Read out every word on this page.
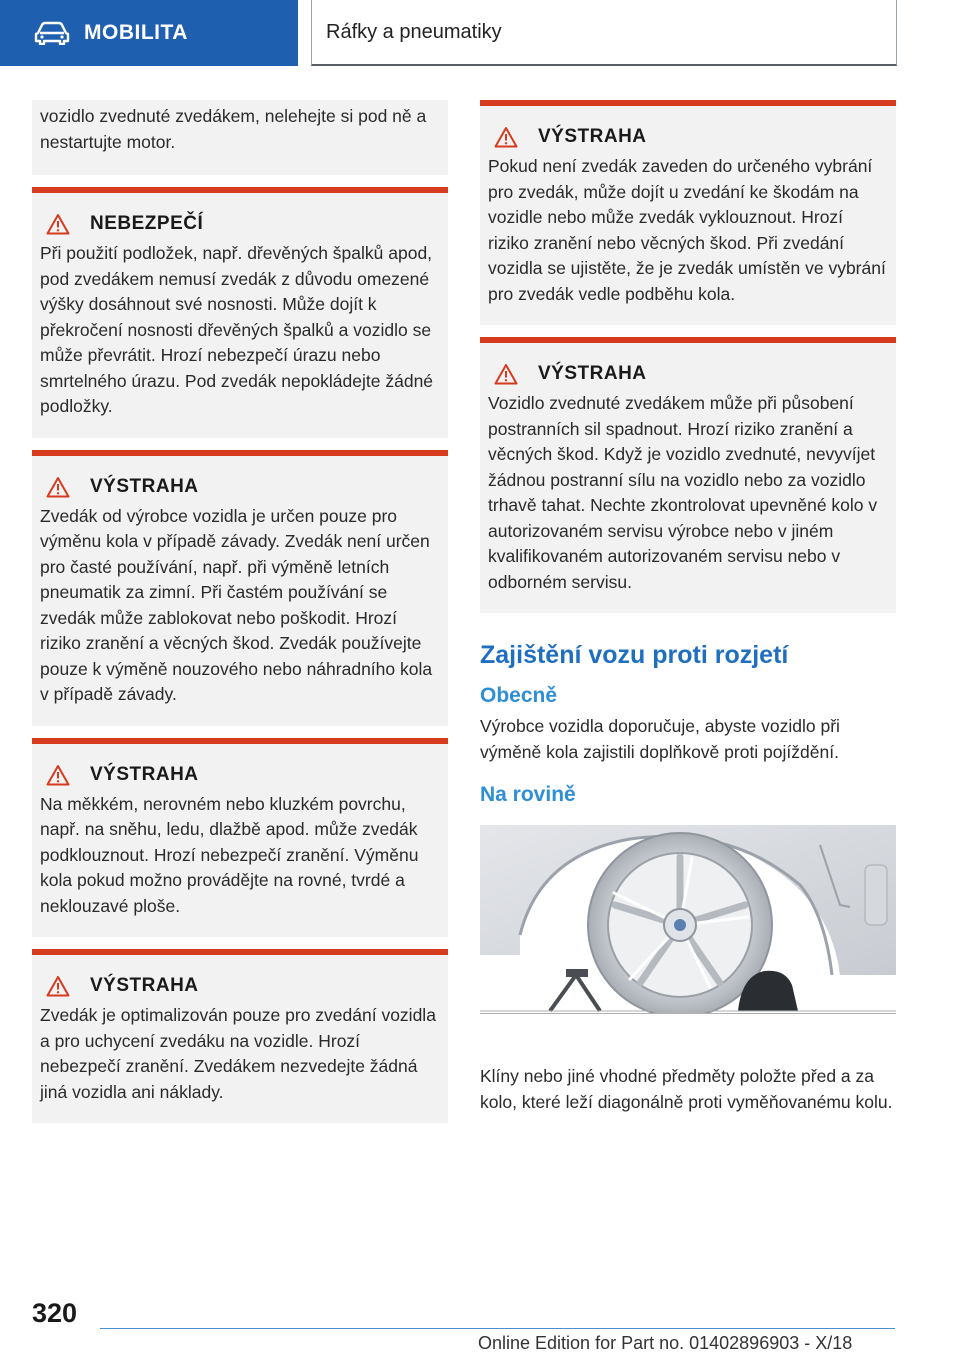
MOBILITA	Ráfky a pneumatiky

vozidlo zvednuté zvedákem, nelehejte si pod ně a nestartujte motor.

NEBEZPEČÍ

Při použití podložek, např. dřevěných špalků apod, pod zvedákem nemusí zvedák z důvodu omezené výšky dosáhnout své nosnosti. Může dojít k překročení nosnosti dřevěných špalků a vozidlo se může převrátit. Hrozí nebezpečí úrazu nebo smrtelného úrazu. Pod zvedák nepokládejte žádné podložky.

VÝSTRAHA

Zvedák od výrobce vozidla je určen pouze pro výměnu kola v případě závady. Zvedák není určen pro časté používání, např. při výměně letních pneumatik za zimní. Při častém používání se zvedák může zablokovat nebo poškodit. Hrozí riziko zranění a věcných škod. Zvedák používejte pouze k výměně nouzového nebo náhradního kola v případě závady.

VÝSTRAHA

Na měkkém, nerovném nebo kluzkém povrchu, např. na sněhu, ledu, dlažbě apod. může zvedák podklouznout. Hrozí nebezpečí zranění. Výměnu kola pokud možno provádějte na rovné, tvrdé a neklouzavé ploše.

VÝSTRAHA

Zvedák je optimalizován pouze pro zvedání vozidla a pro uchycení zvedáku na vozidle. Hrozí nebezpečí zranění. Zvedákem nezvedejte žádná jiná vozidla ani náklady.

VÝSTRAHA

Pokud není zvedák zaveden do určeného vybrání pro zvedák, může dojít u zvedání ke škodám na vozidle nebo může zvedák vyklouznout. Hrozí riziko zranění nebo věcných škod. Při zvedání vozidla se ujistěte, že je zvedák umístěn ve vybrání pro zvedák vedle podběhu kola.

VÝSTRAHA

Vozidlo zvednuté zvedákem může při působení postranních sil spadnout. Hrozí riziko zranění a věcných škod. Když je vozidlo zvednuté, nevyvíjet žádnou postranní sílu na vozidlo nebo za vozidlo trhavě tahat. Nechte zkontrolovat upevněné kolo v autorizovaném servisu výrobce nebo v jiném kvalifikovaném autorizovaném servisu nebo v odborném servisu.

Zajištění vozu proti rozjetí
Obecně

Výrobce vozidla doporučuje, abyste vozidlo při výměně kola zajistili doplňkově proti pojíždění.

Na rovině

Klíny nebo jiné vhodné předměty položte před a za kolo, které leží diagonálně proti vyměňovanému kolu.

320
Online Edition for Part no. 01402896903 - X/18
